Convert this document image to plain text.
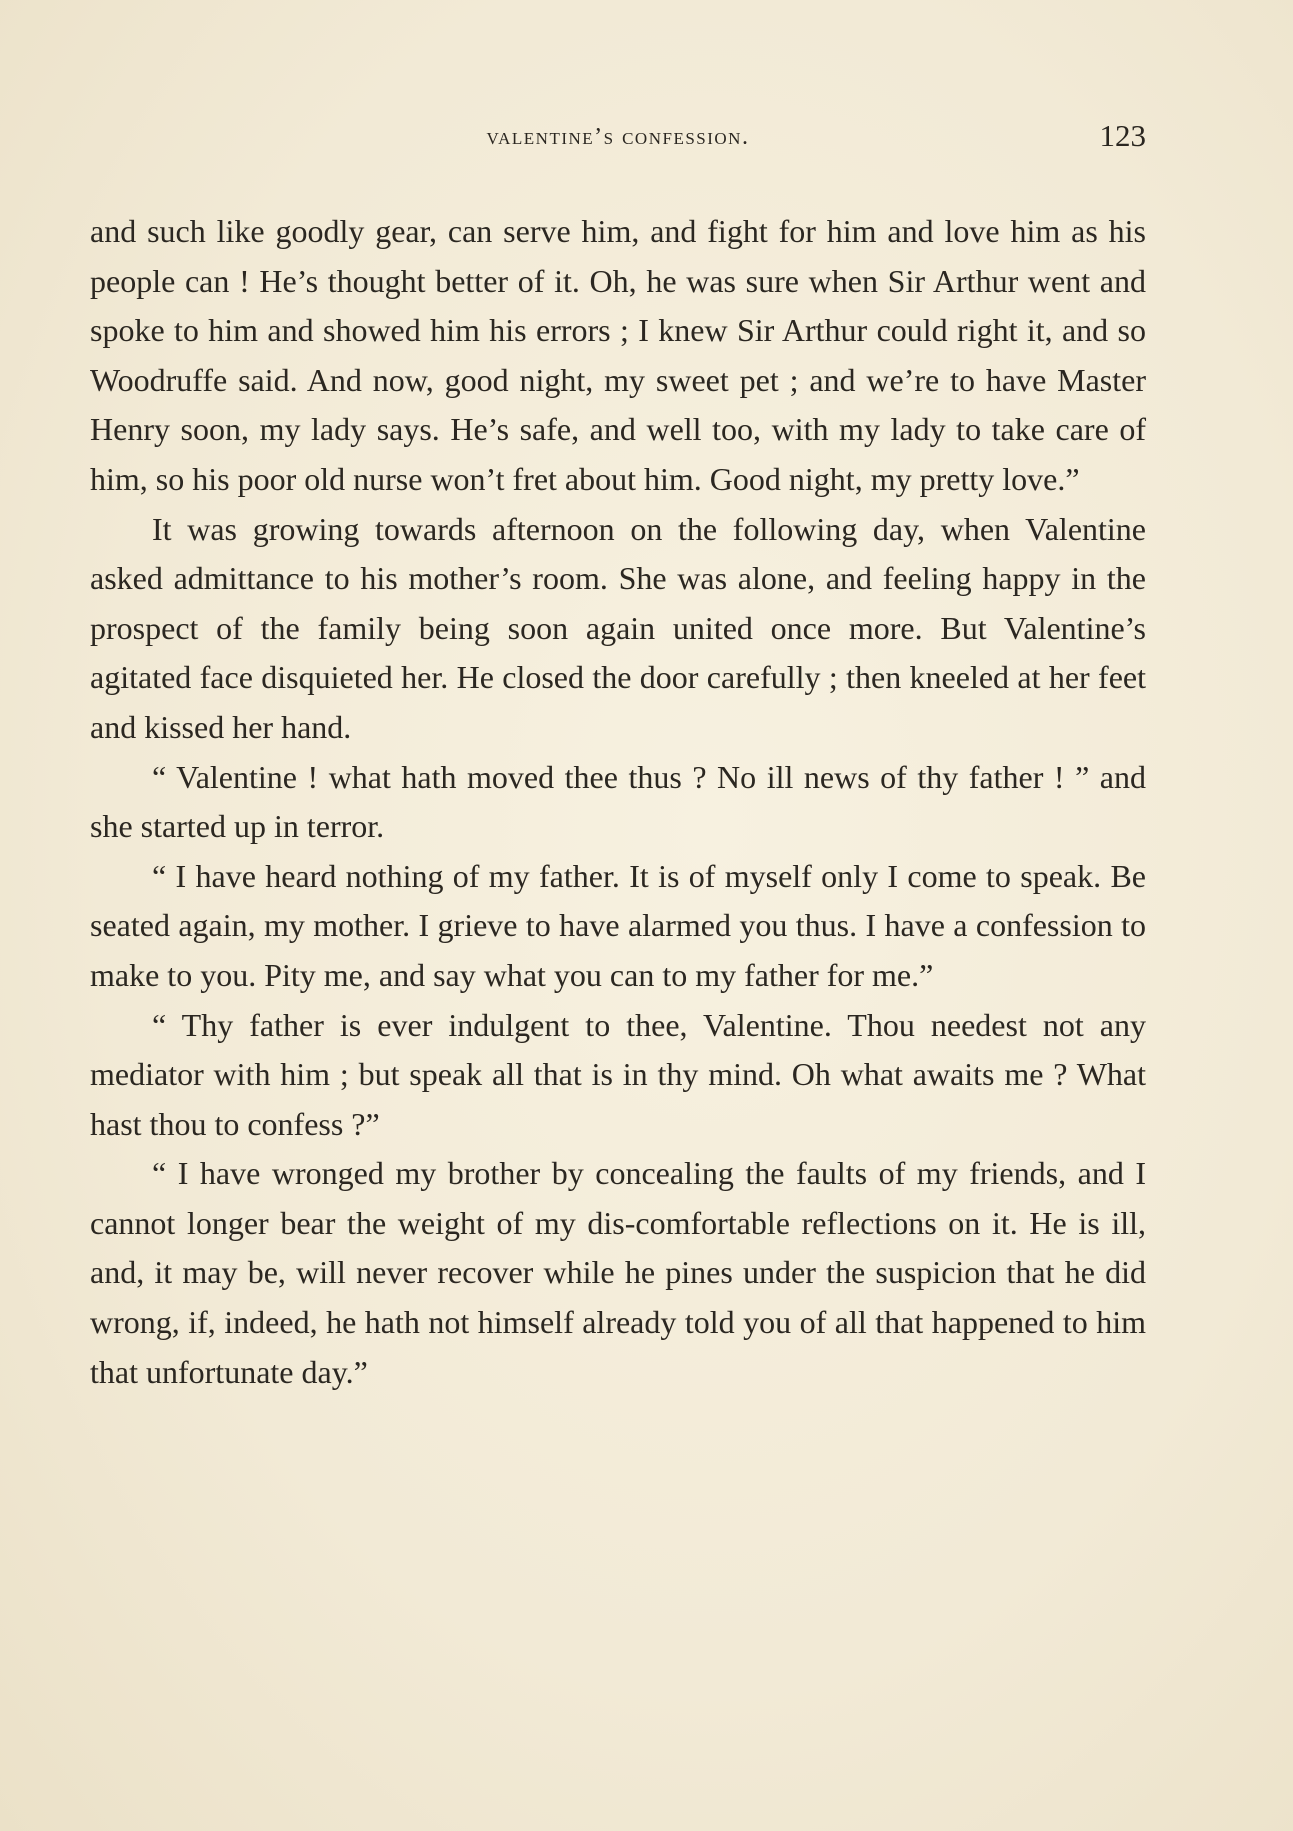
valentine’s confession.	123

and such like goodly gear, can serve him, and fight for him and love him as his people can ! He’s thought better of it. Oh, he was sure when Sir Arthur went and spoke to him and showed him his errors ; I knew Sir Arthur could right it, and so Woodruffe said. And now, good night, my sweet pet ; and we’re to have Master Henry soon, my lady says. He’s safe, and well too, with my lady to take care of him, so his poor old nurse won’t fret about him. Good night, my pretty love.”

It was growing towards afternoon on the following day, when Valentine asked admittance to his mother’s room. She was alone, and feeling happy in the prospect of the family being soon again united once more. But Valentine’s agitated face disquieted her. He closed the door carefully ; then kneeled at her feet and kissed her hand.

“ Valentine ! what hath moved thee thus ? No ill news of thy father ! ” and she started up in terror.

“ I have heard nothing of my father. It is of myself only I come to speak. Be seated again, my mother. I grieve to have alarmed you thus. I have a confession to make to you. Pity me, and say what you can to my father for me.”

“ Thy father is ever indulgent to thee, Valentine. Thou needest not any mediator with him ; but speak all that is in thy mind. Oh what awaits me ? What hast thou to confess ?”

“ I have wronged my brother by concealing the faults of my friends, and I cannot longer bear the weight of my dis-comfortable reflections on it. He is ill, and, it may be, will never recover while he pines under the suspicion that he did wrong, if, indeed, he hath not himself already told you of all that happened to him that unfortunate day.”
